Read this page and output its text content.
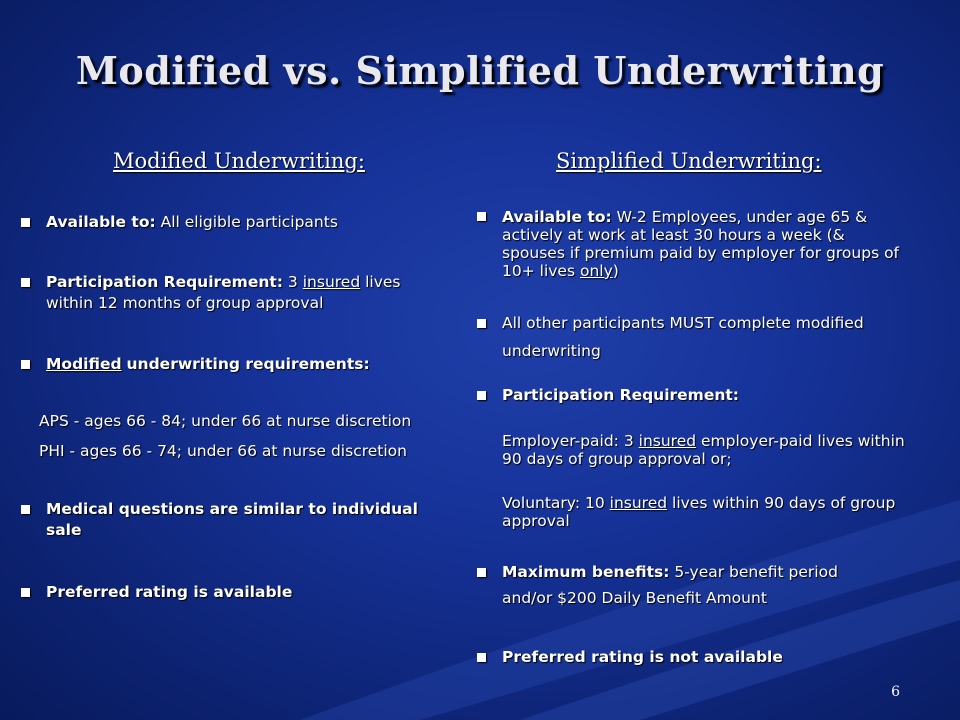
Modified vs. Simplified Underwriting
Modified Underwriting:
Available to: All eligible participants
Participation Requirement: 3 insured lives
within 12 months of group approval
Modified underwriting requirements:
APS - ages 66 - 84; under 66 at nurse discretion
PHI - ages 66 - 74; under 66 at nurse discretion
Medical questions are similar to individual
sale
Preferred rating is available
Simplified Underwriting:
Available to: W-2 Employees, under age 65 & actively at work at least 30 hours a week (& spouses if premium paid by employer for groups of 10+ lives only)
All other participants MUST complete modified
underwriting
Participation Requirement:
Employer-paid: 3 insured employer-paid lives within 90 days of group approval or;
Voluntary: 10 insured lives within 90 days of group approval
Maximum benefits: 5-year benefit period
and/or $200 Daily Benefit Amount
Preferred rating is not available
6
